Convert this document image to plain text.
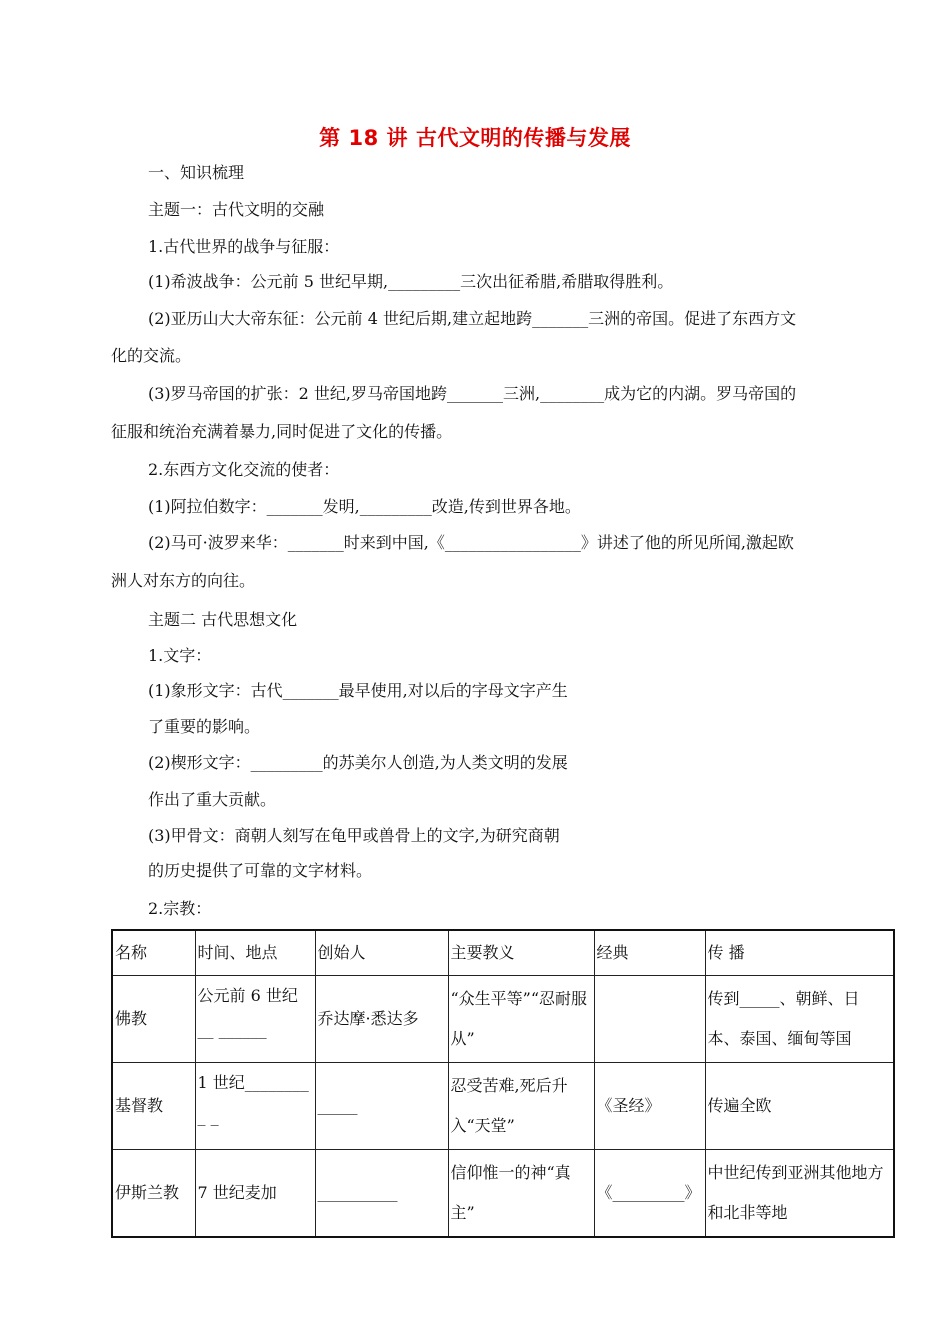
第 18 讲 古代文明的传播与发展
一、知识梳理
主题一：古代文明的交融
1.古代世界的战争与征服：
(1)希波战争：公元前 5 世纪早期,_________三次出征希腊,希腊取得胜利。
(2)亚历山大大帝东征：公元前 4 世纪后期,建立起地跨_______三洲的帝国。促进了东西方文
化的交流。
(3)罗马帝国的扩张：2 世纪,罗马帝国地跨_______三洲,________成为它的内湖。罗马帝国的
征服和统治充满着暴力,同时促进了文化的传播。
2.东西方文化交流的使者：
(1)阿拉伯数字：_______发明,_________改造,传到世界各地。
(2)马可·波罗来华：_______时来到中国,《_________________》讲述了他的所见所闻,激起欧
洲人对东方的向往。
主题二 古代思想文化
1.文字：
(1)象形文字：古代_______最早使用,对以后的字母文字产生
了重要的影响。
(2)楔形文字：_________的苏美尔人创造,为人类文明的发展
作出了重大贡献。
(3)甲骨文：商朝人刻写在龟甲或兽骨上的文字,为研究商朝
的历史提供了可靠的文字材料。
2.宗教：
名称	时间、地点	创始人	主要教义	经典	传 播
佛教	公元前 6 世纪__ ______	乔达摩·悉达多	“众生平等”“忍耐服从”		传到_____、朝鲜、日本、泰国、缅甸等国
基督教	1 世纪_________ _	_____	忍受苦难,死后升入“天堂”	《圣经》	传遍全欧
伊斯兰教	7 世纪麦加	__________	信仰惟一的神“真主”	《_________》	中世纪传到亚洲其他地方和北非等地
